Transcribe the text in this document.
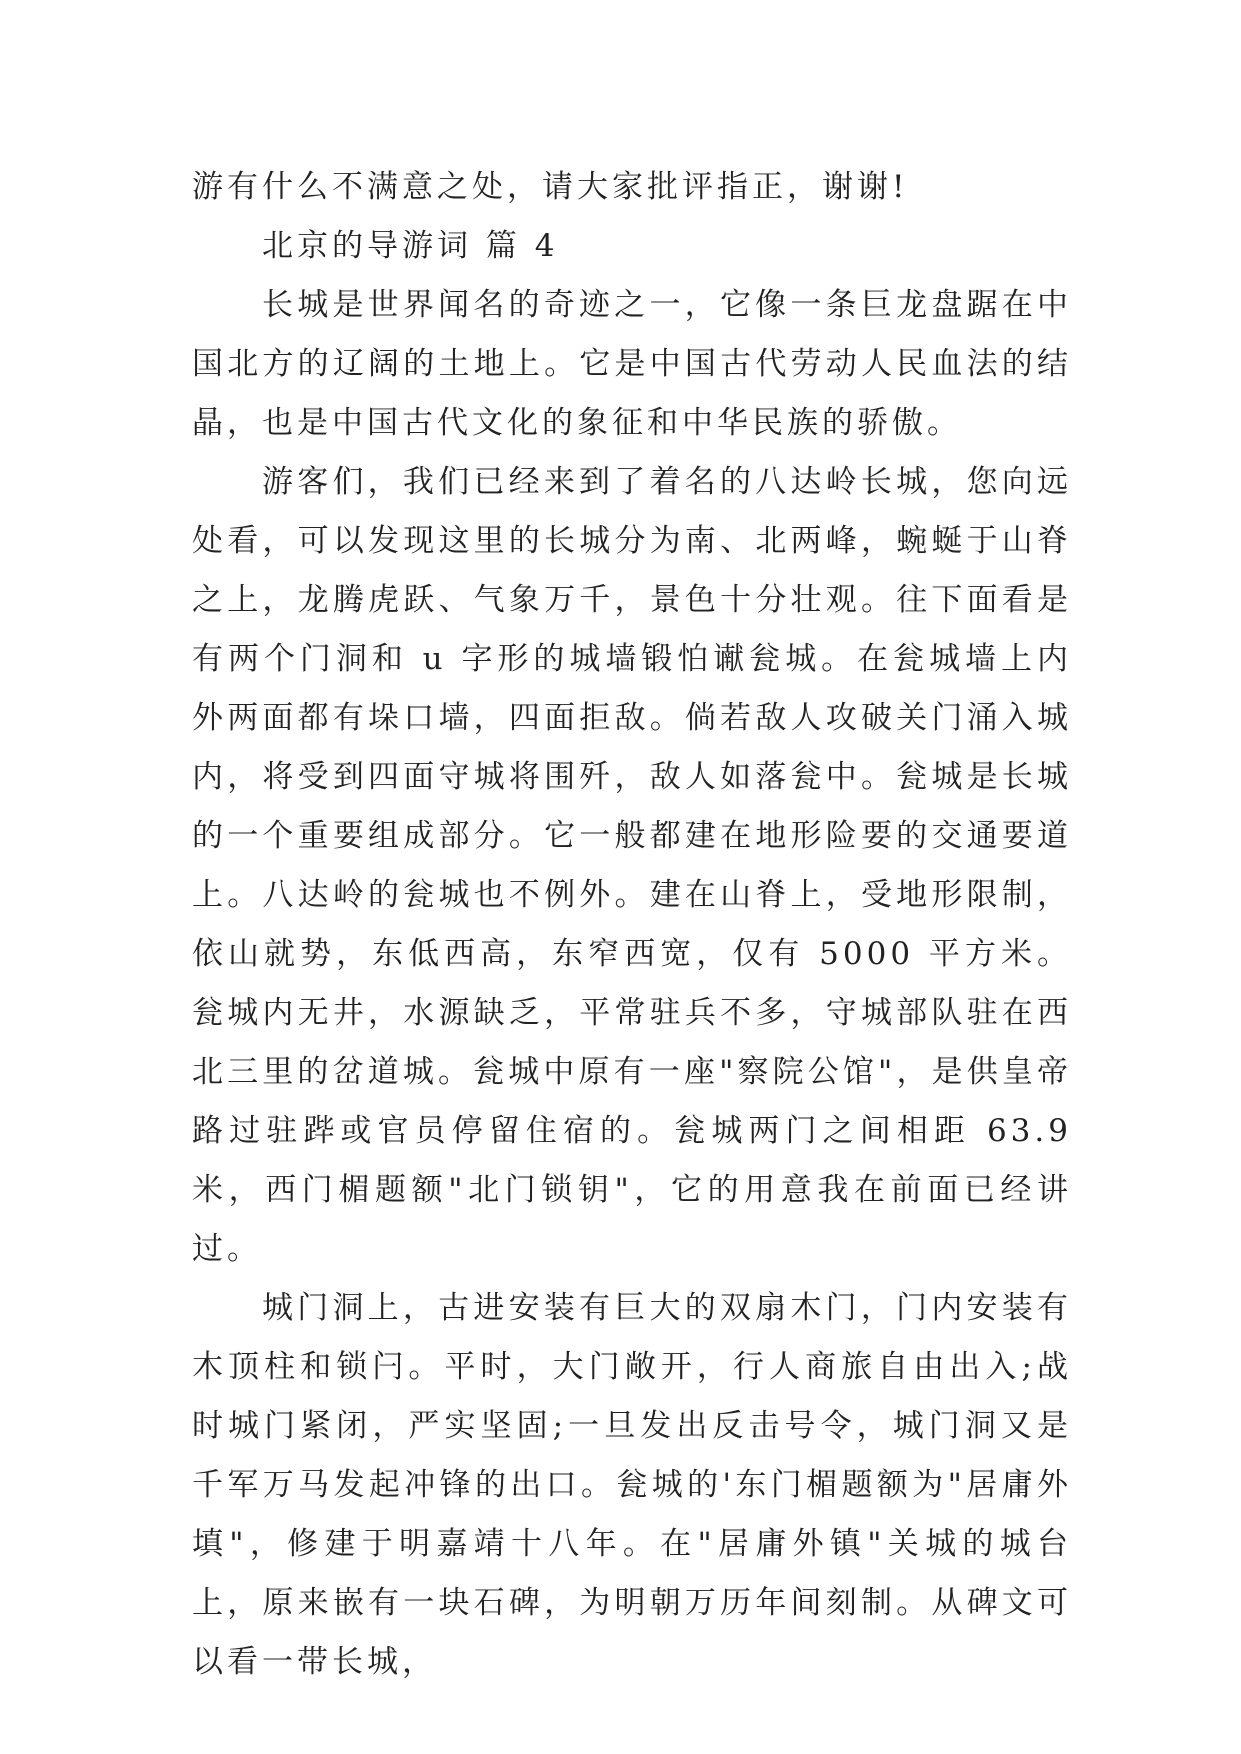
游有什么不满意之处，请大家批评指正，谢谢!

北京的导游词 篇 4

长城是世界闻名的奇迹之一，它像一条巨龙盘踞在中国北方的辽阔的土地上。它是中国古代劳动人民血法的结晶，也是中国古代文化的象征和中华民族的骄傲。

游客们，我们已经来到了着名的八达岭长城，您向远处看，可以发现这里的长城分为南、北两峰，蜿蜒于山脊之上，龙腾虎跃、气象万千，景色十分壮观。往下面看是有两个门洞和 u 字形的城墙锻怕谳瓮城。在瓮城墙上内外两面都有垛口墙，四面拒敌。倘若敌人攻破关门涌入城内，将受到四面守城将围歼，敌人如落瓮中。瓮城是长城的一个重要组成部分。它一般都建在地形险要的交通要道上。八达岭的瓮城也不例外。建在山脊上，受地形限制，依山就势，东低西高，东窄西宽，仅有 5000 平方米。瓮城内无井，水源缺乏，平常驻兵不多，守城部队驻在西北三里的岔道城。瓮城中原有一座"察院公馆"，是供皇帝路过驻跸或官员停留住宿的。瓮城两门之间相距 63.9 米，西门楣题额"北门锁钥"，它的用意我在前面已经讲过。

城门洞上，古进安装有巨大的双扇木门，门内安装有木顶柱和锁闩。平时，大门敞开，行人商旅自由出入;战时城门紧闭，严实坚固;一旦发出反击号令，城门洞又是千军万马发起冲锋的出口。瓮城的'东门楣题额为"居庸外填"，修建于明嘉靖十八年。在"居庸外镇"关城的城台上，原来嵌有一块石碑，为明朝万历年间刻制。从碑文可以看一带长城，
